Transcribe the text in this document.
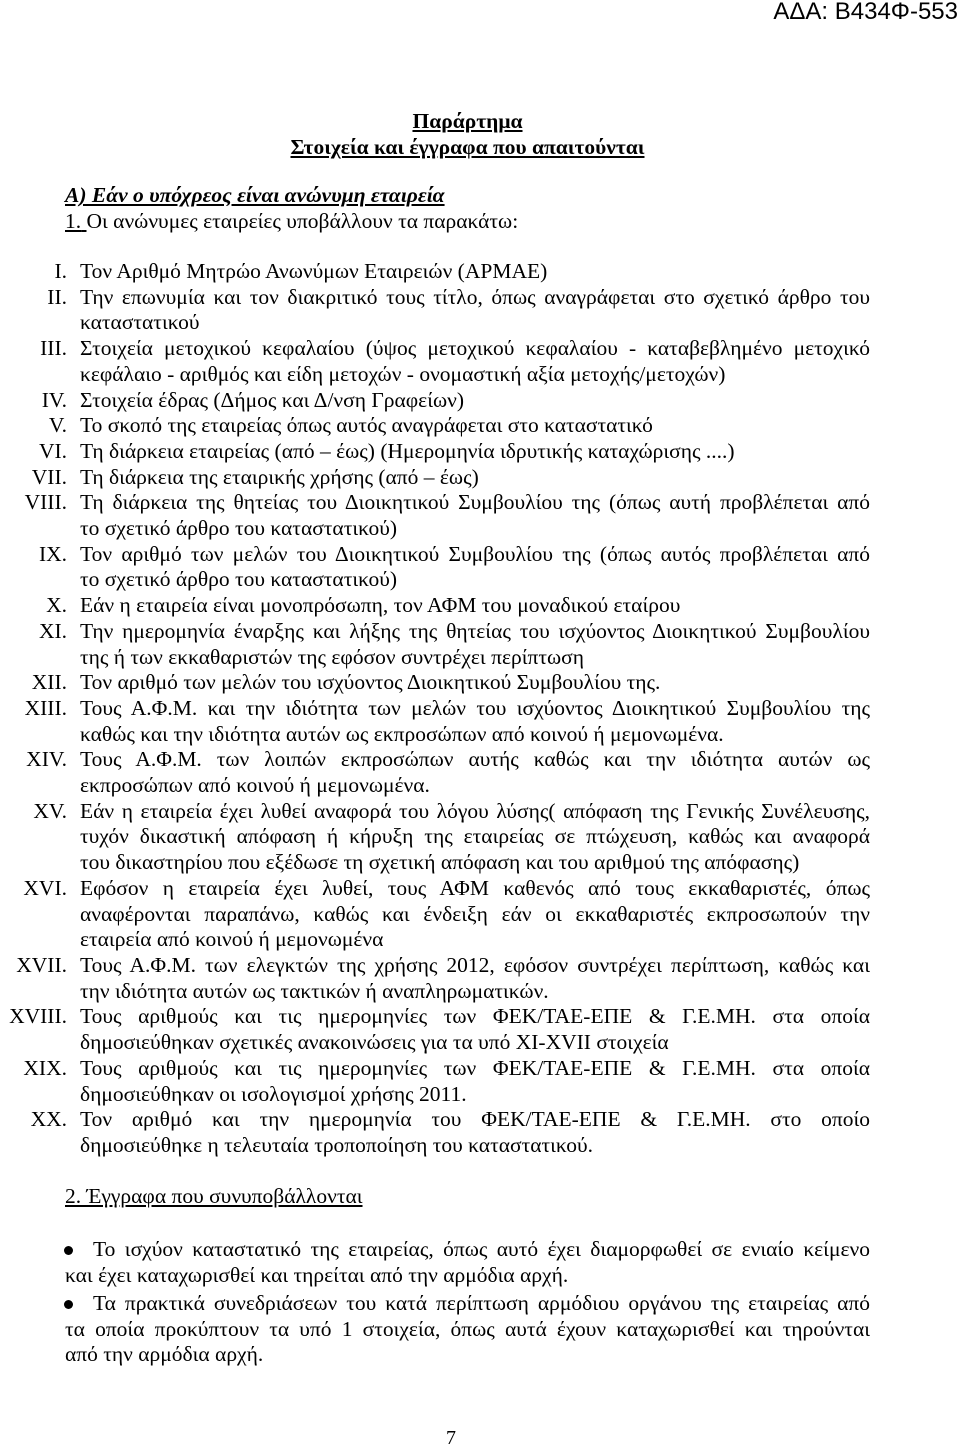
ΑΔΑ: Β434Φ-553
Παράρτημα
Στοιχεία και έγγραφα που απαιτούνται
Α) Εάν ο υπόχρεος είναι ανώνυμη εταιρεία
1. Οι ανώνυμες εταιρείες υποβάλλουν τα παρακάτω:
I. Τον Αριθμό Μητρώο Ανωνύμων Εταιρειών (ΑΡΜΑΕ)
II. Την επωνυμία και τον διακριτικό τους τίτλο, όπως αναγράφεται στο σχετικό άρθρο του
καταστατικού
III. Στοιχεία μετοχικού κεφαλαίου (ύψος μετοχικού κεφαλαίου - καταβεβλημένο μετοχικό
κεφάλαιο - αριθμός και είδη μετοχών - ονομαστική αξία μετοχής/μετοχών)
IV. Στοιχεία έδρας (Δήμος και Δ/νση Γραφείων)
V. Το σκοπό της εταιρείας όπως αυτός αναγράφεται στο καταστατικό
VI. Τη διάρκεια εταιρείας (από – έως) (Ημερομηνία ιδρυτικής καταχώρισης ....)
VII. Τη διάρκεια της εταιρικής χρήσης (από – έως)
VIII. Τη διάρκεια της θητείας του Διοικητικού Συμβουλίου της (όπως αυτή προβλέπεται από
το σχετικό άρθρο του καταστατικού)
IX. Τον αριθμό των μελών του Διοικητικού Συμβουλίου της (όπως αυτός προβλέπεται από
το σχετικό άρθρο του καταστατικού)
X. Εάν η εταιρεία είναι μονοπρόσωπη, τον ΑΦΜ του μοναδικού εταίρου
XI. Την ημερομηνία έναρξης και λήξης της θητείας του ισχύοντος Διοικητικού Συμβουλίου
της ή των εκκαθαριστών της εφόσον συντρέχει περίπτωση
XII. Τον αριθμό των μελών του ισχύοντος Διοικητικού Συμβουλίου της.
XIII. Τους Α.Φ.Μ. και την ιδιότητα των μελών του ισχύοντος Διοικητικού Συμβουλίου της
καθώς και την ιδιότητα αυτών ως εκπροσώπων από κοινού ή μεμονωμένα.
XIV. Τους Α.Φ.Μ. των λοιπών εκπροσώπων αυτής καθώς και την ιδιότητα αυτών ως
εκπροσώπων από κοινού ή μεμονωμένα.
XV. Εάν η εταιρεία έχει λυθεί αναφορά του λόγου λύσης( απόφαση της Γενικής Συνέλευσης,
τυχόν δικαστική απόφαση ή κήρυξη της εταιρείας σε πτώχευση, καθώς και αναφορά
του δικαστηρίου που εξέδωσε τη σχετική απόφαση και του αριθμού της απόφασης)
XVI. Εφόσον η εταιρεία έχει λυθεί, τους ΑΦΜ καθενός από τους εκκαθαριστές, όπως
αναφέρονται παραπάνω, καθώς και ένδειξη εάν οι εκκαθαριστές εκπροσωπούν την
εταιρεία από κοινού ή μεμονωμένα
XVII. Τους Α.Φ.Μ. των ελεγκτών της χρήσης 2012, εφόσον συντρέχει περίπτωση, καθώς και
την ιδιότητα αυτών ως τακτικών ή αναπληρωματικών.
XVIII. Τους αριθμούς και τις ημερομηνίες των ΦΕΚ/ΤΑΕ-ΕΠΕ & Γ.Ε.ΜΗ. στα οποία
δημοσιεύθηκαν σχετικές ανακοινώσεις για τα υπό ΧΙ-ΧVII στοιχεία
XIX. Τους αριθμούς και τις ημερομηνίες των ΦΕΚ/ΤΑΕ-ΕΠΕ & Γ.Ε.ΜΗ. στα οποία
δημοσιεύθηκαν οι ισολογισμοί χρήσης 2011.
XX. Τον αριθμό και την ημερομηνία του ΦΕΚ/ΤΑΕ-ΕΠΕ & Γ.Ε.ΜΗ. στο οποίο
δημοσιεύθηκε η τελευταία τροποποίηση του καταστατικού.
2. Έγγραφα που συνυποβάλλονται
Το ισχύον καταστατικό της εταιρείας, όπως αυτό έχει διαμορφωθεί σε ενιαίο κείμενο
και έχει καταχωρισθεί και τηρείται από την αρμόδια αρχή.
Τα πρακτικά συνεδριάσεων του κατά περίπτωση αρμόδιου οργάνου της εταιρείας από
τα οποία προκύπτουν τα υπό 1 στοιχεία, όπως αυτά έχουν καταχωρισθεί και τηρούνται
από την αρμόδια αρχή.
7
